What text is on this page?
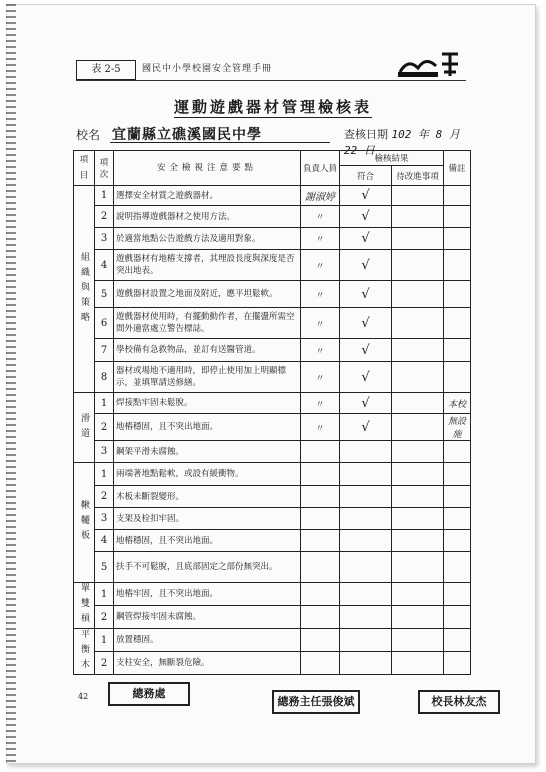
表 2-5	國民中小學校園安全管理手冊
運動遊戲器材管理檢核表
校名 宜蘭縣立礁溪國民中學	查核日期 102 年 8 月 22 日
項目	項次	安全檢視注意要點	負責人員	檢核結果		備註
				符合	待改進事項	
組織與策略	1	選擇安全材質之遊戲器材。	謝淑婷	√		
	2	說明指導遊戲器材之使用方法。	〃	√		
	3	於適當地點公告遊戲方法及適用對象。	〃	√		
	4	遊戲器材有地樁支撐者，其埋設長度與深度是否突出地表。	〃	√		
	5	遊戲器材設置之地面及附近，應平坦鬆軟。	〃	√		
	6	遊戲器材使用時，有擺動動作者，在擺盪所需空間外適當處立警告標誌。	〃	√		
	7	學校備有急救物品，並訂有送醫管道。	〃	√		
	8	器材或場地不適用時，即停止使用加上明顯標示，並填單請送修繕。	〃	√		
滑道	1	焊接點牢固未鬆脫。	〃	√		本校
	2	地樁穩固，且不突出地面。	〃	√		無設施
	3	鋼架平滑未腐蝕。				
鞦韆板	1	兩端著地點鬆軟，或設有緩衝物。				
	2	木板未斷裂變形。				
	3	支架及栓扣牢固。				
	4	地樁穩固，且不突出地面。				
	5	扶手不可鬆脫，且底部固定之部份無突出。				
單雙槓	1	地樁牢固，且不突出地面。				
	2	鋼管焊接牢固未腐蝕。				
平衡木	1	放置穩固。				
	2	支柱安全，無斷裂危險。				
總務處
總務主任張俊斌	校長林友杰
42
